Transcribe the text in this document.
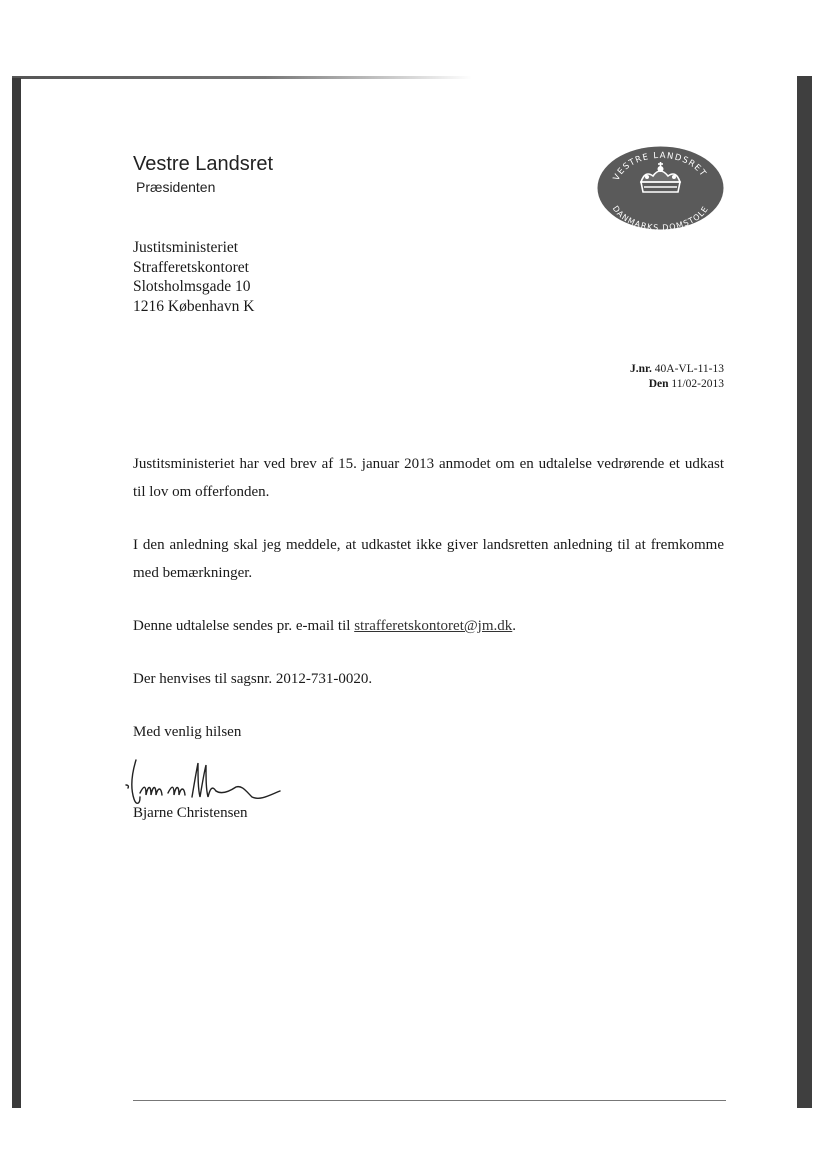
Vestre Landsret
Præsidenten
VESTRE LANDSRET
DANMARKS DOMSTOLE
Justitsministeriet
Strafferetskontoret
Slotsholmsgade 10
1216 København K
J.nr. 40A-VL-11-13
Den 11/02-2013
Justitsministeriet har ved brev af 15. januar 2013 anmodet om en udtalelse vedrørende et udkast til lov om offerfonden.
I den anledning skal jeg meddele, at udkastet ikke giver landsretten anledning til at fremkomme med bemærkninger.
Denne udtalelse sendes pr. e-mail til strafferetskontoret@jm.dk.
Der henvises til sagsnr. 2012-731-0020.
Med venlig hilsen
Bjarne Christensen
